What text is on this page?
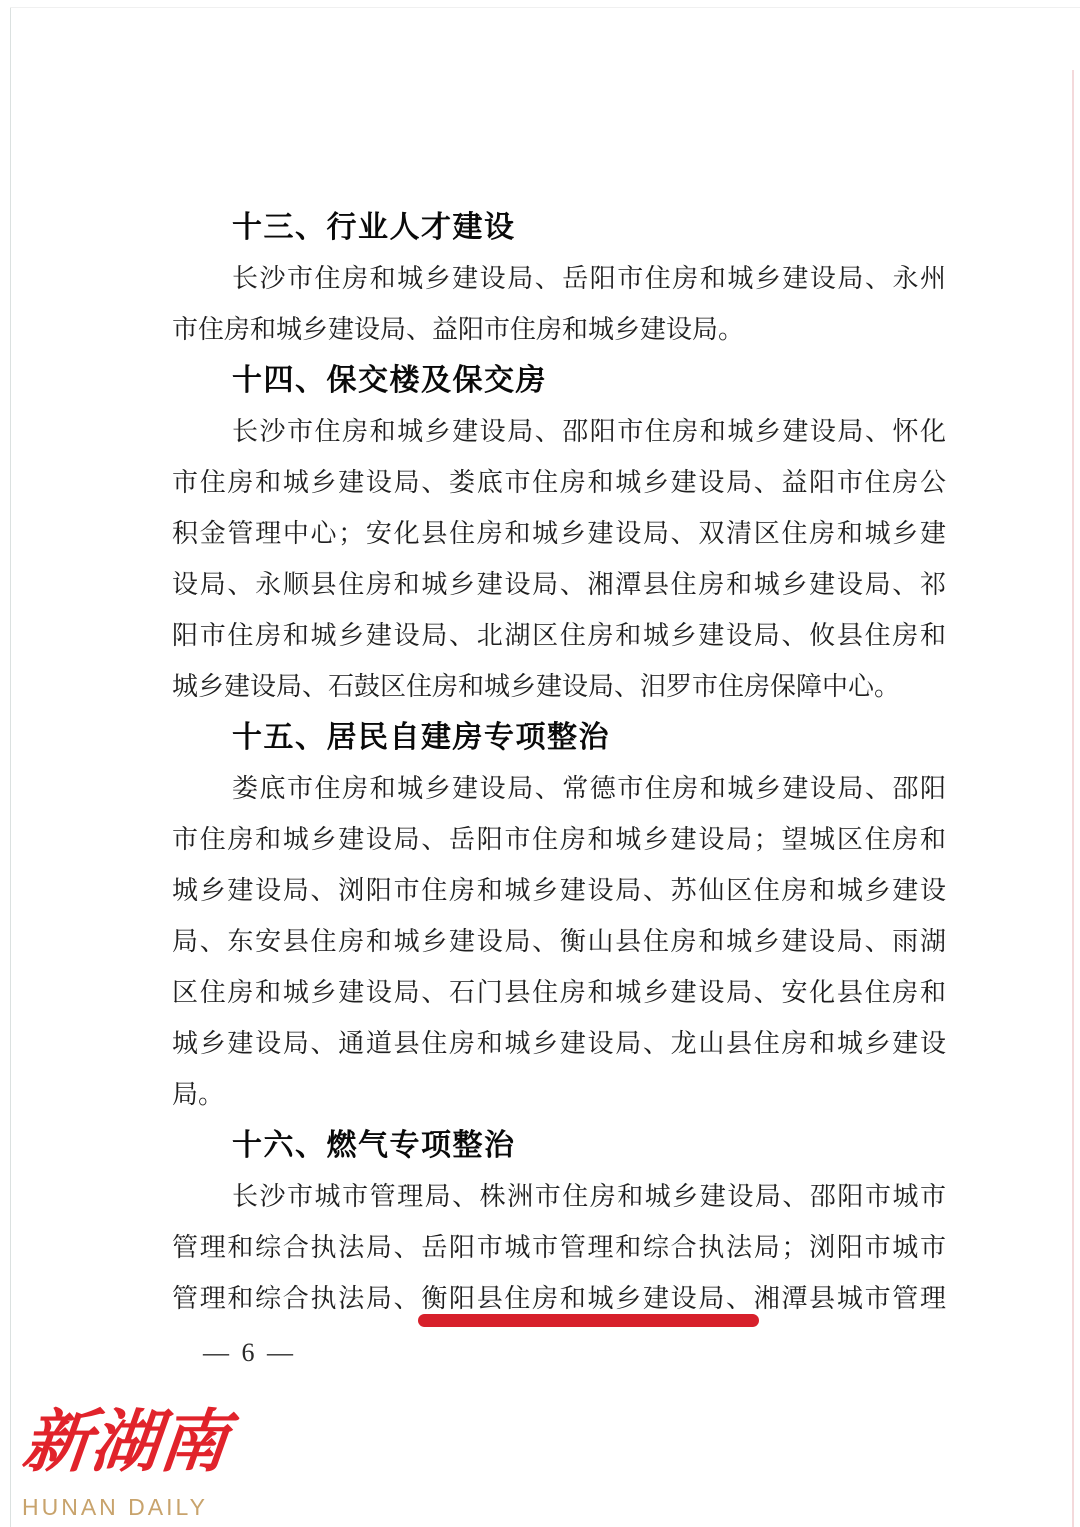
十三、行业人才建设

长沙市住房和城乡建设局、岳阳市住房和城乡建设局、永州

市住房和城乡建设局、益阳市住房和城乡建设局。

十四、保交楼及保交房

长沙市住房和城乡建设局、邵阳市住房和城乡建设局、怀化

市住房和城乡建设局、娄底市住房和城乡建设局、益阳市住房公

积金管理中心；安化县住房和城乡建设局、双清区住房和城乡建

设局、永顺县住房和城乡建设局、湘潭县住房和城乡建设局、祁

阳市住房和城乡建设局、北湖区住房和城乡建设局、攸县住房和

城乡建设局、石鼓区住房和城乡建设局、汨罗市住房保障中心。

十五、居民自建房专项整治

娄底市住房和城乡建设局、常德市住房和城乡建设局、邵阳

市住房和城乡建设局、岳阳市住房和城乡建设局；望城区住房和

城乡建设局、浏阳市住房和城乡建设局、苏仙区住房和城乡建设

局、东安县住房和城乡建设局、衡山县住房和城乡建设局、雨湖

区住房和城乡建设局、石门县住房和城乡建设局、安化县住房和

城乡建设局、通道县住房和城乡建设局、龙山县住房和城乡建设

局。

十六、燃气专项整治

长沙市城市管理局、株洲市住房和城乡建设局、邵阳市城市

管理和综合执法局、岳阳市城市管理和综合执法局；浏阳市城市

管理和综合执法局、衡阳县住房和城乡建设局、
湘潭县城市管理

— 6 —
新湖南
HUNAN DAILY
